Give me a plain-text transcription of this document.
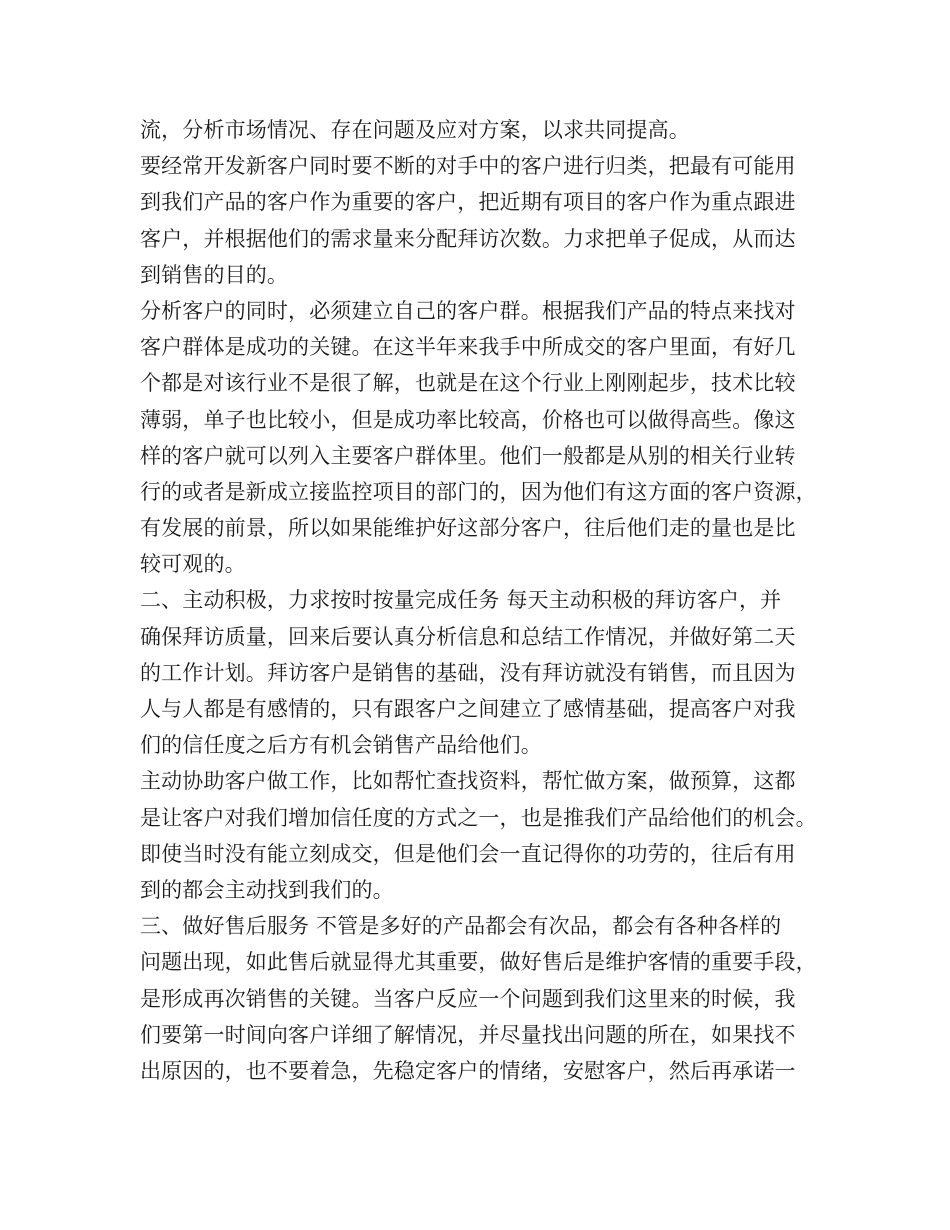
流，分析市场情况、存在问题及应对方案，以求共同提高。
要经常开发新客户同时要不断的对手中的客户进行归类，把最有可能用
到我们产品的客户作为重要的客户，把近期有项目的客户作为重点跟进
客户，并根据他们的需求量来分配拜访次数。力求把单子促成，从而达
到销售的目的。
分析客户的同时，必须建立自己的客户群。根据我们产品的特点来找对
客户群体是成功的关键。在这半年来我手中所成交的客户里面，有好几
个都是对该行业不是很了解，也就是在这个行业上刚刚起步，技术比较
薄弱，单子也比较小，但是成功率比较高，价格也可以做得高些。像这
样的客户就可以列入主要客户群体里。他们一般都是从别的相关行业转
行的或者是新成立接监控项目的部门的，因为他们有这方面的客户资源，
有发展的前景，所以如果能维护好这部分客户，往后他们走的量也是比
较可观的。
二、主动积极，力求按时按量完成任务 每天主动积极的拜访客户，并
确保拜访质量，回来后要认真分析信息和总结工作情况，并做好第二天
的工作计划。拜访客户是销售的基础，没有拜访就没有销售，而且因为
人与人都是有感情的，只有跟客户之间建立了感情基础，提高客户对我
们的信任度之后方有机会销售产品给他们。
主动协助客户做工作，比如帮忙查找资料，帮忙做方案，做预算，这都
是让客户对我们增加信任度的方式之一，也是推我们产品给他们的机会。
即使当时没有能立刻成交，但是他们会一直记得你的功劳的，往后有用
到的都会主动找到我们的。
三、做好售后服务 不管是多好的产品都会有次品，都会有各种各样的
问题出现，如此售后就显得尤其重要，做好售后是维护客情的重要手段，
是形成再次销售的关键。当客户反应一个问题到我们这里来的时候，我
们要第一时间向客户详细了解情况，并尽量找出问题的所在，如果找不
出原因的，也不要着急，先稳定客户的情绪，安慰客户，然后再承诺一
